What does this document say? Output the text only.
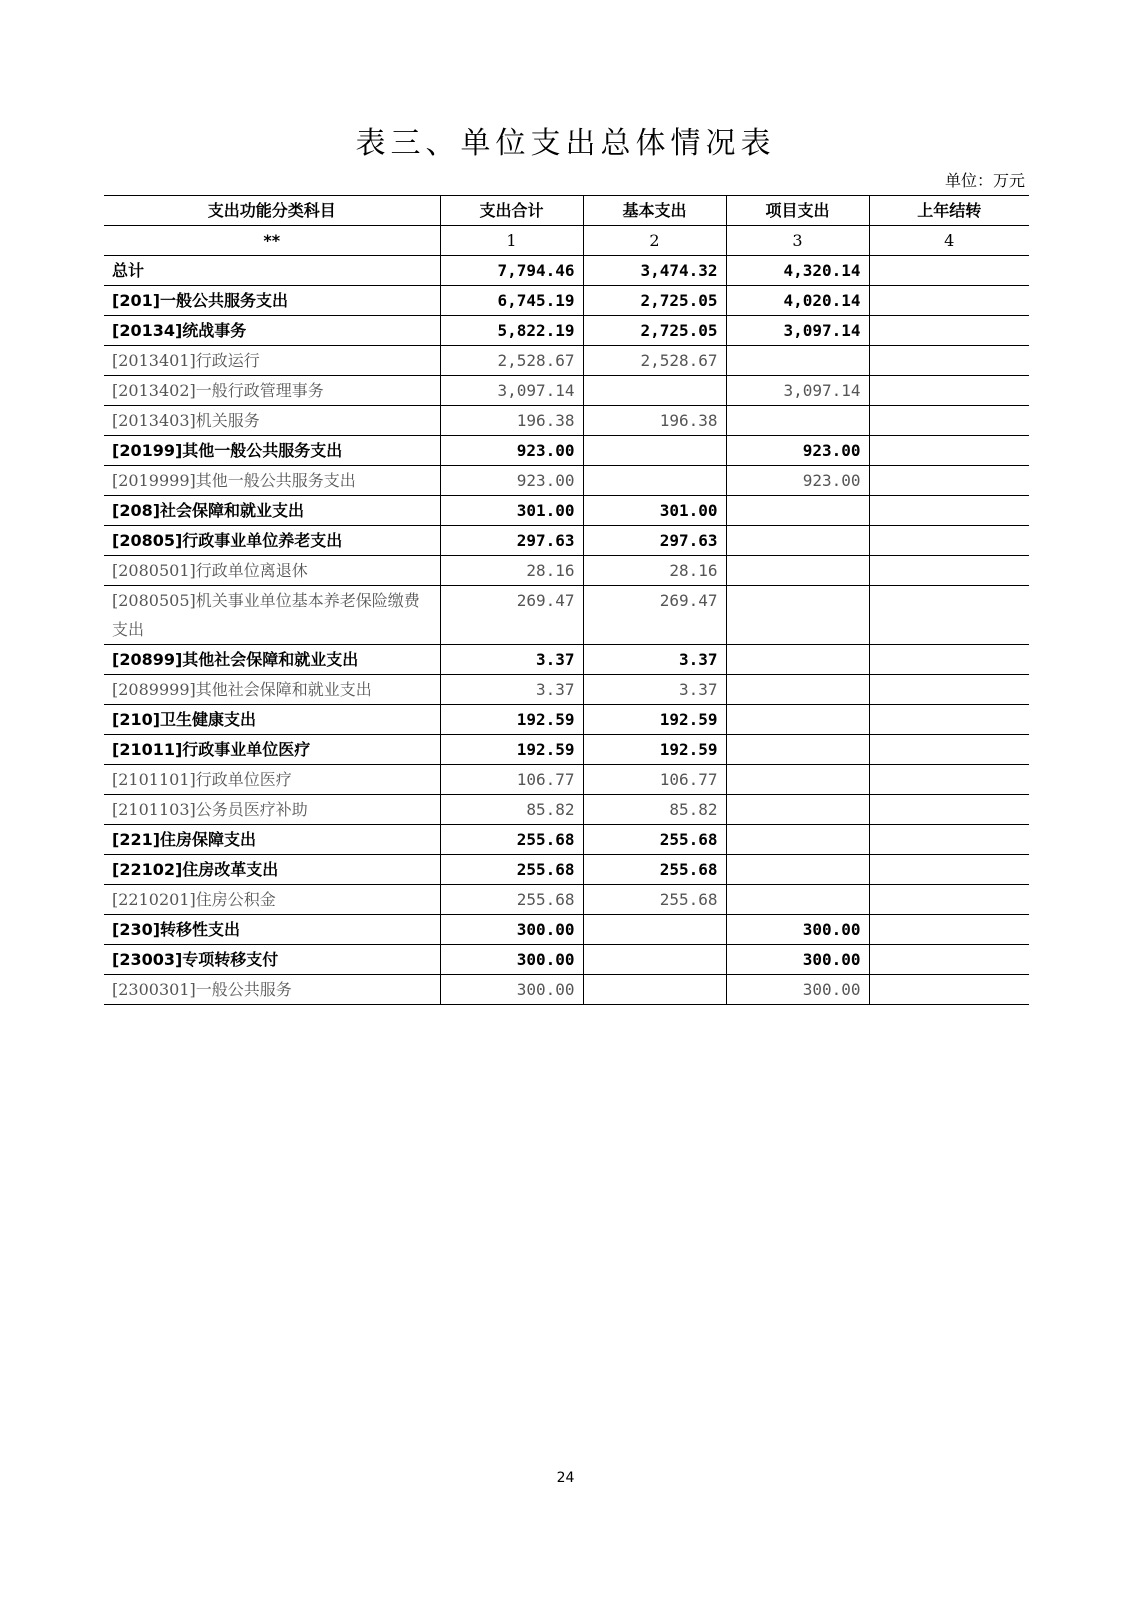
表三、单位支出总体情况表
单位：万元
支出功能分类科目	支出合计	基本支出	项目支出	上年结转
**	1	2	3	4
总计	7,794.46	3,474.32	4,320.14	
[201]一般公共服务支出	6,745.19	2,725.05	4,020.14	
[20134]统战事务	5,822.19	2,725.05	3,097.14	
[2013401]行政运行	2,528.67	2,528.67		
[2013402]一般行政管理事务	3,097.14		3,097.14	
[2013403]机关服务	196.38	196.38		
[20199]其他一般公共服务支出	923.00		923.00	
[2019999]其他一般公共服务支出	923.00		923.00	
[208]社会保障和就业支出	301.00	301.00		
[20805]行政事业单位养老支出	297.63	297.63		
[2080501]行政单位离退休	28.16	28.16		
[2080505]机关事业单位基本养老保险缴费支出	269.47	269.47		
[20899]其他社会保障和就业支出	3.37	3.37		
[2089999]其他社会保障和就业支出	3.37	3.37		
[210]卫生健康支出	192.59	192.59		
[21011]行政事业单位医疗	192.59	192.59		
[2101101]行政单位医疗	106.77	106.77		
[2101103]公务员医疗补助	85.82	85.82		
[221]住房保障支出	255.68	255.68		
[22102]住房改革支出	255.68	255.68		
[2210201]住房公积金	255.68	255.68		
[230]转移性支出	300.00		300.00	
[23003]专项转移支付	300.00		300.00	
[2300301]一般公共服务	300.00		300.00	
24
